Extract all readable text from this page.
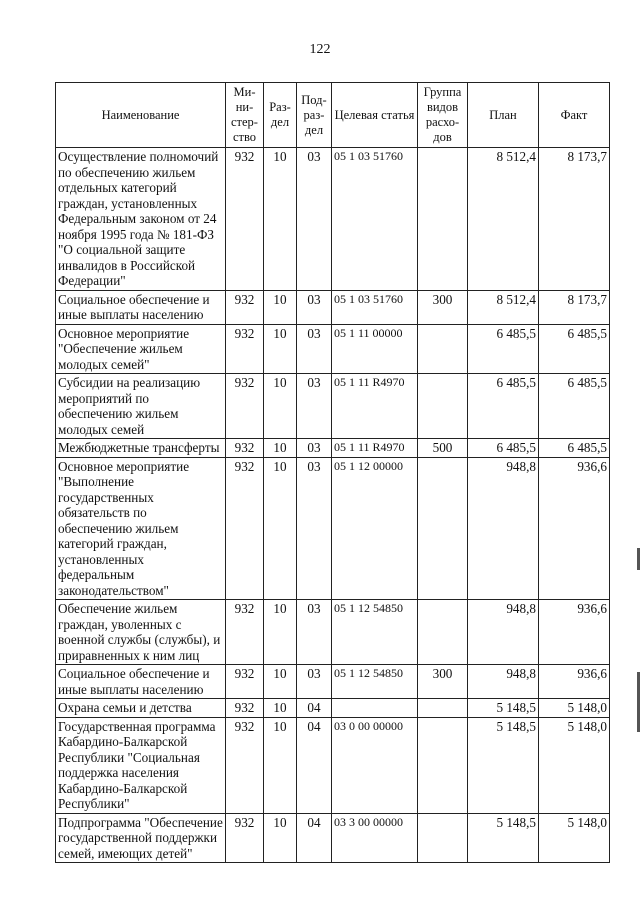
122
Наименование	Ми-ни-стер-ство	Раз-дел	Под-раз-дел	Целевая статья	Группа видов расхо-дов	План	Факт
Осуществление полномочий по обеспечению жильем отдельных категорий граждан, установленных Федеральным законом от 24 ноября 1995 года № 181-ФЗ "О социальной защите инвалидов в Российской Федерации"	932	10	03	05 1 03 51760		8 512,4	8 173,7
Социальное обеспечение и иные выплаты населению	932	10	03	05 1 03 51760	300	8 512,4	8 173,7
Основное мероприятие "Обеспечение жильем молодых семей"	932	10	03	05 1 11 00000		6 485,5	6 485,5
Субсидии на реализацию мероприятий по обеспечению жильем молодых семей	932	10	03	05 1 11 R4970		6 485,5	6 485,5
Межбюджетные трансферты	932	10	03	05 1 11 R4970	500	6 485,5	6 485,5
Основное мероприятие "Выполнение государственных обязательств по обеспечению жильем категорий граждан, установленных федеральным законодательством"	932	10	03	05 1 12 00000		948,8	936,6
Обеспечение жильем граждан, уволенных с военной службы (службы), и приравненных к ним лиц	932	10	03	05 1 12 54850		948,8	936,6
Социальное обеспечение и иные выплаты населению	932	10	03	05 1 12 54850	300	948,8	936,6
Охрана семьи и детства	932	10	04			5 148,5	5 148,0
Государственная программа Кабардино-Балкарской Республики "Социальная поддержка населения Кабардино-Балкарской Республики"	932	10	04	03 0 00 00000		5 148,5	5 148,0
Подпрограмма "Обеспечение государственной поддержки семей, имеющих детей"	932	10	04	03 3 00 00000		5 148,5	5 148,0
